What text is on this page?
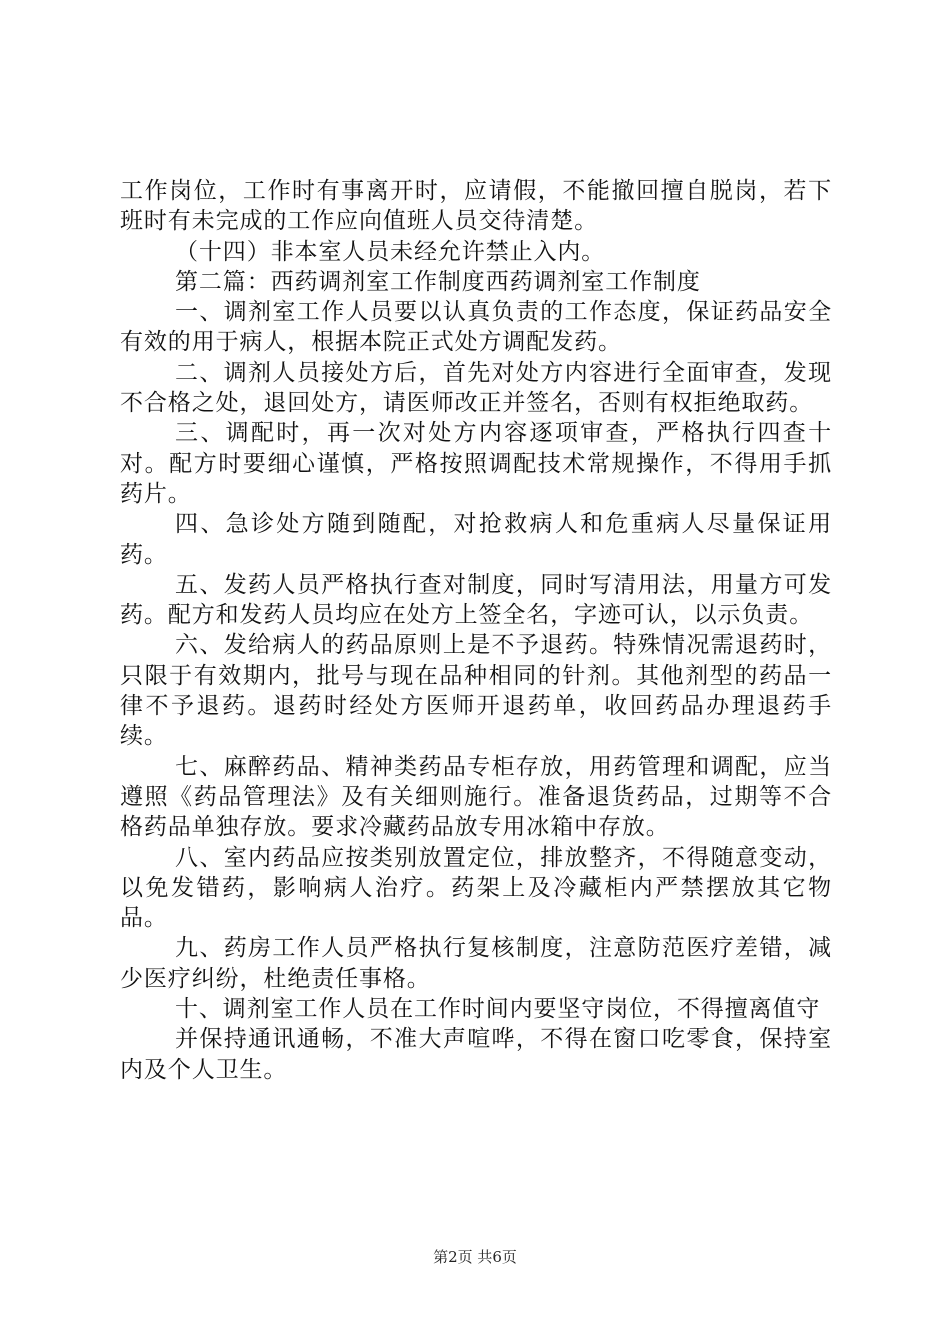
工作岗位，工作时有事离开时，应请假，不能撤回擅自脱岗，若下班时有未完成的工作应向值班人员交待清楚。

（十四）非本室人员未经允许禁止入内。

第二篇：西药调剂室工作制度西药调剂室工作制度

一、调剂室工作人员要以认真负责的工作态度，保证药品安全有效的用于病人，根据本院正式处方调配发药。

二、调剂人员接处方后，首先对处方内容进行全面审查，发现不合格之处，退回处方，请医师改正并签名，否则有权拒绝取药。

三、调配时，再一次对处方内容逐项审查，严格执行四查十对。配方时要细心谨慎，严格按照调配技术常规操作，不得用手抓药片。

四、急诊处方随到随配，对抢救病人和危重病人尽量保证用药。

五、发药人员严格执行查对制度，同时写清用法，用量方可发药。配方和发药人员均应在处方上签全名，字迹可认，以示负责。

六、发给病人的药品原则上是不予退药。特殊情况需退药时，只限于有效期内，批号与现在品种相同的针剂。其他剂型的药品一律不予退药。退药时经处方医师开退药单，收回药品办理退药手续。

七、麻醉药品、精神类药品专柜存放，用药管理和调配，应当遵照《药品管理法》及有关细则施行。准备退货药品，过期等不合格药品单独存放。要求冷藏药品放专用冰箱中存放。

八、室内药品应按类别放置定位，排放整齐，不得随意变动，以免发错药，影响病人治疗。药架上及冷藏柜内严禁摆放其它物品。

九、药房工作人员严格执行复核制度，注意防范医疗差错，减少医疗纠纷，杜绝责任事格。

十、调剂室工作人员在工作时间内要坚守岗位，不得擅离值守

并保持通讯通畅，不准大声喧哗，不得在窗口吃零食，保持室内及个人卫生。

第2页 共6页
